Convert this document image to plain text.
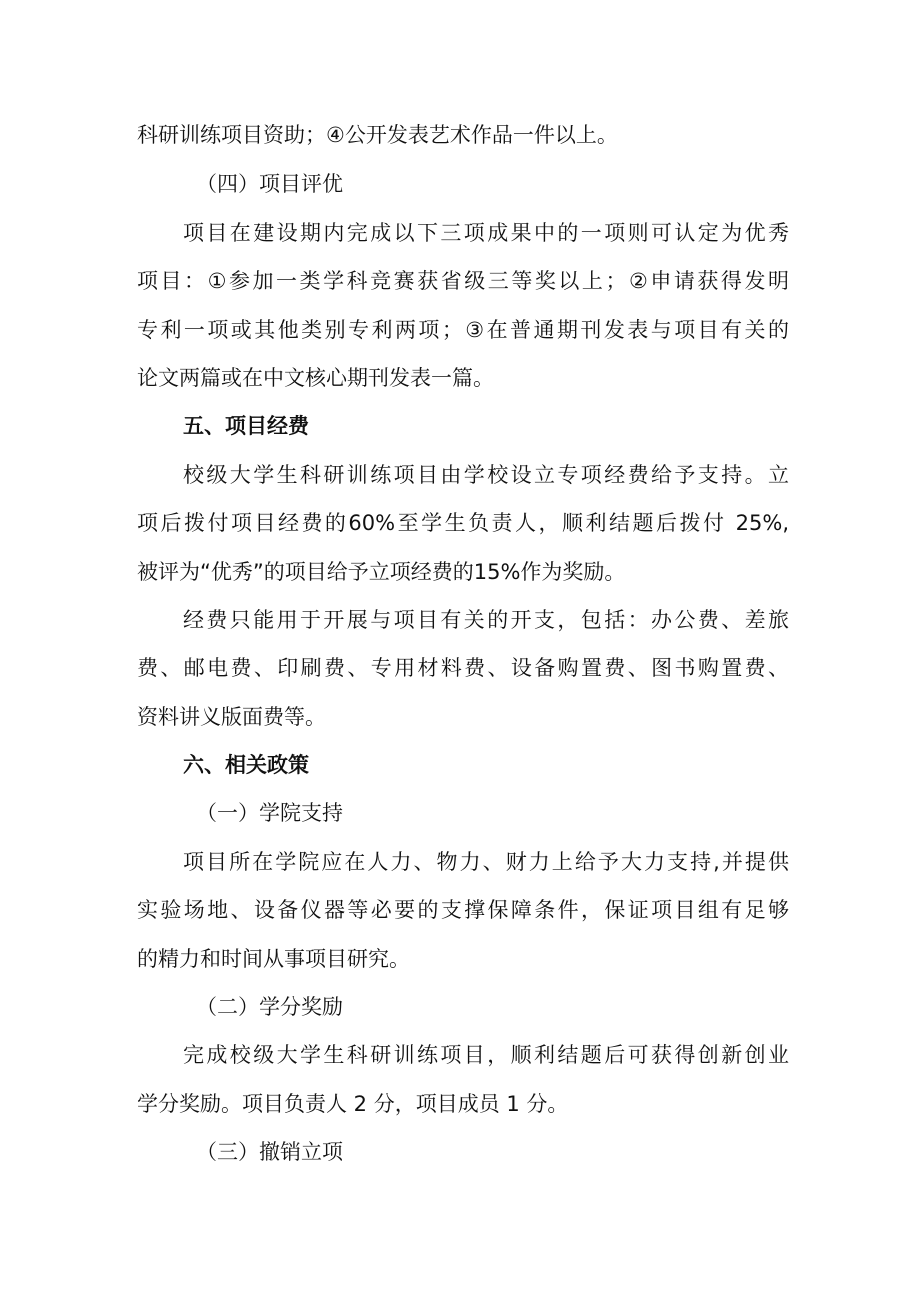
科研训练项目资助；④公开发表艺术作品一件以上。
（四）项目评优
项目在建设期内完成以下三项成果中的一项则可认定为优秀
项目：①参加一类学科竞赛获省级三等奖以上；②申请获得发明
专利一项或其他类别专利两项；③在普通期刊发表与项目有关的
论文两篇或在中文核心期刊发表一篇。
五、项目经费
校级大学生科研训练项目由学校设立专项经费给予支持。立
项后拨付项目经费的60%至学生负责人，顺利结题后拨付 25%,
被评为“优秀”的项目给予立项经费的15%作为奖励。
经费只能用于开展与项目有关的开支，包括：办公费、差旅
费、邮电费、印刷费、专用材料费、设备购置费、图书购置费、
资料讲义版面费等。
六、相关政策
（一）学院支持
项目所在学院应在人力、物力、财力上给予大力支持,并提供
实验场地、设备仪器等必要的支撑保障条件，保证项目组有足够
的精力和时间从事项目研究。
（二）学分奖励
完成校级大学生科研训练项目，顺利结题后可获得创新创业
学分奖励。项目负责人 2 分，项目成员 1 分。
（三）撤销立项
